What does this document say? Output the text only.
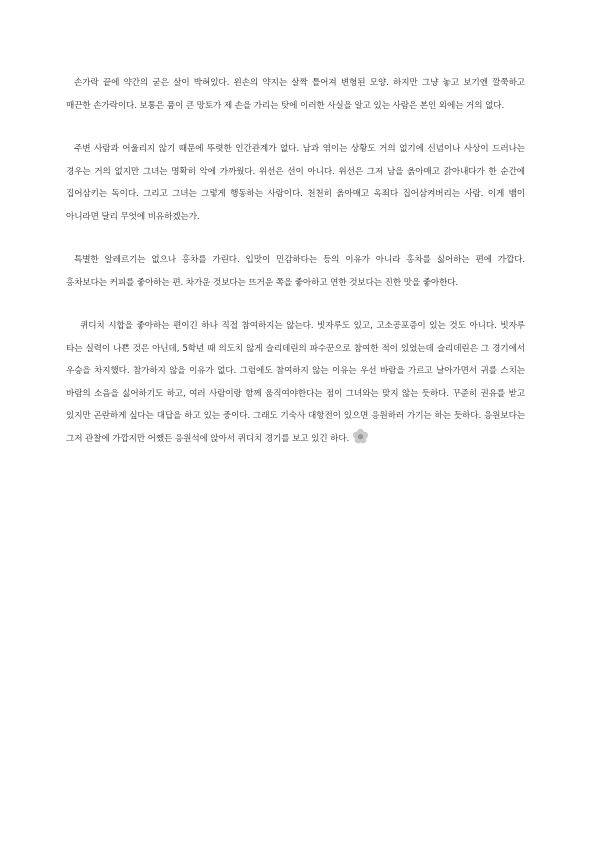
손가락 끝에 약간의 굳은 살이 박혀있다. 왼손의 약지는 살짝 틀어져 변형된 모양. 하지만 그냥 놓고 보기엔 깔쭉하고 매끈한 손가락이다. 보통은 품이 큰 망토가 제 손을 가리는 탓에 이러한 사실을 알고 있는 사람은 본인 외에는 거의 없다.

주변 사람과 어울리지 않기 때문에 뚜렷한 인간관계가 없다. 남과 엮이는 상황도 거의 없기에 신념이나 사상이 드러나는 경우는 거의 없지만 그녀는 명확히 악에 가까웠다. 위선은 선이 아니다. 위선은 그저 남을 옭아매고 갉아내다가 한 순간에 집어삼키는 독이다. 그리고 그녀는 그렇게 행동하는 사람이다. 천천히 옭아매고 옥죄다 집어삼켜버리는 사람. 이게 뱀이 아니라면 달리 무엇에 비유하겠는가.

특별한 알레르기는 없으나 홍차를 가린다. 입맛이 민감하다는 등의 이유가 아니라 홍차를 싫어하는 편에 가깝다. 홍차보다는 커피를 좋아하는 편. 차가운 것보다는 뜨거운 쪽을 좋아하고 연한 것보다는 진한 맛을 좋아한다.

퀴디치 시합을 좋아하는 편이긴 하나 직접 참여하지는 않는다. 빗자루도 있고, 고소공포증이 있는 것도 아니다. 빗자루 타는 실력이 나쁜 것은 아닌데, 5학년 때 의도치 않게 슬리데린의 파수꾼으로 참여한 적이 있었는데 슬리데린은 그 경기에서 우승을 차지했다. 참가하지 않을 이유가 없다. 그럼에도 참여하지 않는 이유는 우선 바람을 가르고 날아가면서 귀를 스치는 바람의 소음을 싫어하기도 하고, 여러 사람이랑 함께 움직여야한다는 점이 그녀와는 맞지 않는 듯하다. 꾸준히 권유를 받고 있지만 곤란하게 싶다는 대답을 하고 있는 중이다. 그래도 기숙사 대항전이 있으면 응원하러 가기는 하는 듯하다. 응원보다는 그저 관찰에 가깝지만 어쨌든 응원석에 앉아서 퀴디치 경기를 보고 있긴 하다.
